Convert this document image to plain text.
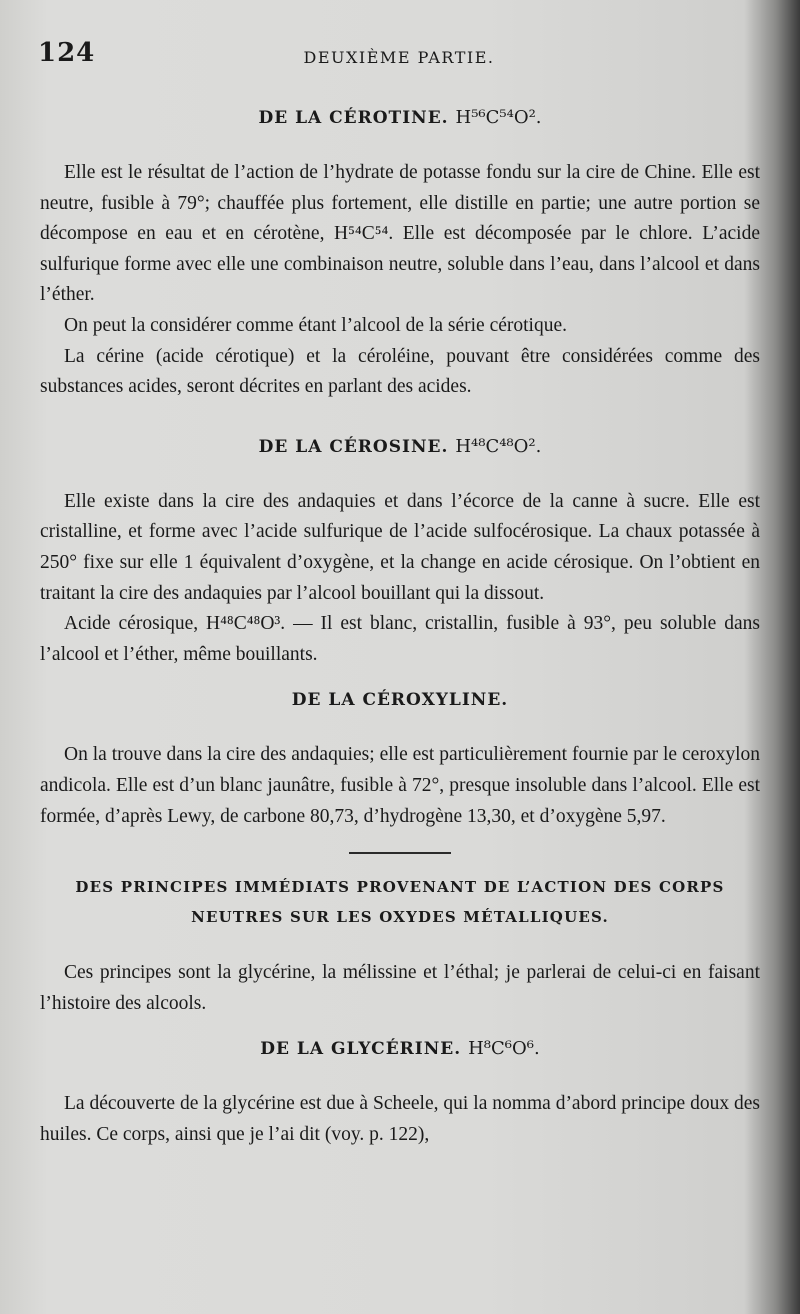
124	DEUXIÈME PARTIE.
DE LA CÉROTINE. H⁵⁶C⁵⁴O².

Elle est le résultat de l’action de l’hydrate de potasse fondu sur la cire de Chine. Elle est neutre, fusible à 79°; chauffée plus fortement, elle distille en partie; une autre portion se décompose en eau et en cérotène, H⁵⁴C⁵⁴. Elle est décomposée par le chlore. L’acide sulfurique forme avec elle une combinaison neutre, soluble dans l’eau, dans l’alcool et dans l’éther.

On peut la considérer comme étant l’alcool de la série cérotique.

La cérine (acide cérotique) et la céroléine, pouvant être considérées comme des substances acides, seront décrites en parlant des acides.

DE LA CÉROSINE. H⁴⁸C⁴⁸O².

Elle existe dans la cire des andaquies et dans l’écorce de la canne à sucre. Elle est cristalline, et forme avec l’acide sulfurique de l’acide sulfocérosique. La chaux potassée à 250° fixe sur elle 1 équivalent d’oxygène, et la change en acide cérosique. On l’obtient en traitant la cire des andaquies par l’alcool bouillant qui la dissout.

Acide cérosique, H⁴⁸C⁴⁸O³. — Il est blanc, cristallin, fusible à 93°, peu soluble dans l’alcool et l’éther, même bouillants.

DE LA CÉROXYLINE.

On la trouve dans la cire des andaquies; elle est particulièrement fournie par le ceroxylon andicola. Elle est d’un blanc jaunâtre, fusible à 72°, presque insoluble dans l’alcool. Elle est formée, d’après Lewy, de carbone 80,73, d’hydrogène 13,30, et d’oxygène 5,97.

DES PRINCIPES IMMÉDIATS PROVENANT DE L’ACTION DES CORPS
NEUTRES SUR LES OXYDES MÉTALLIQUES.

Ces principes sont la glycérine, la mélissine et l’éthal; je parlerai de celui-ci en faisant l’histoire des alcools.

DE LA GLYCÉRINE. H⁸C⁶O⁶.

La découverte de la glycérine est due à Scheele, qui la nomma d’abord principe doux des huiles. Ce corps, ainsi que je l’ai dit (voy. p. 122),
